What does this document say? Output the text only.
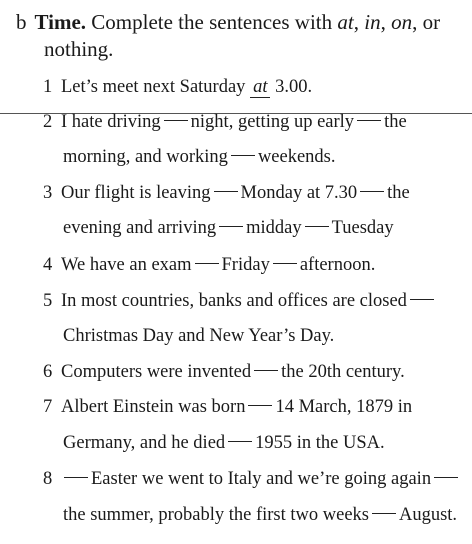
b Time. Complete the sentences with at, in, on, or
nothing.
1 Let’s meet next Saturday at 3.00.
2 I hate driving night, getting up early the
morning, and working weekends.
3 Our flight is leaving Monday at 7.30 the
evening and arriving midday Tuesday
4 We have an exam Friday afternoon.
5 In most countries, banks and offices are closed
Christmas Day and New Year’s Day.
6 Computers were invented the 20th century.
7 Albert Einstein was born 14 March, 1879 in
Germany, and he died 1955 in the USA.
8 Easter we went to Italy and we’re going again
the summer, probably the first two weeks August.
